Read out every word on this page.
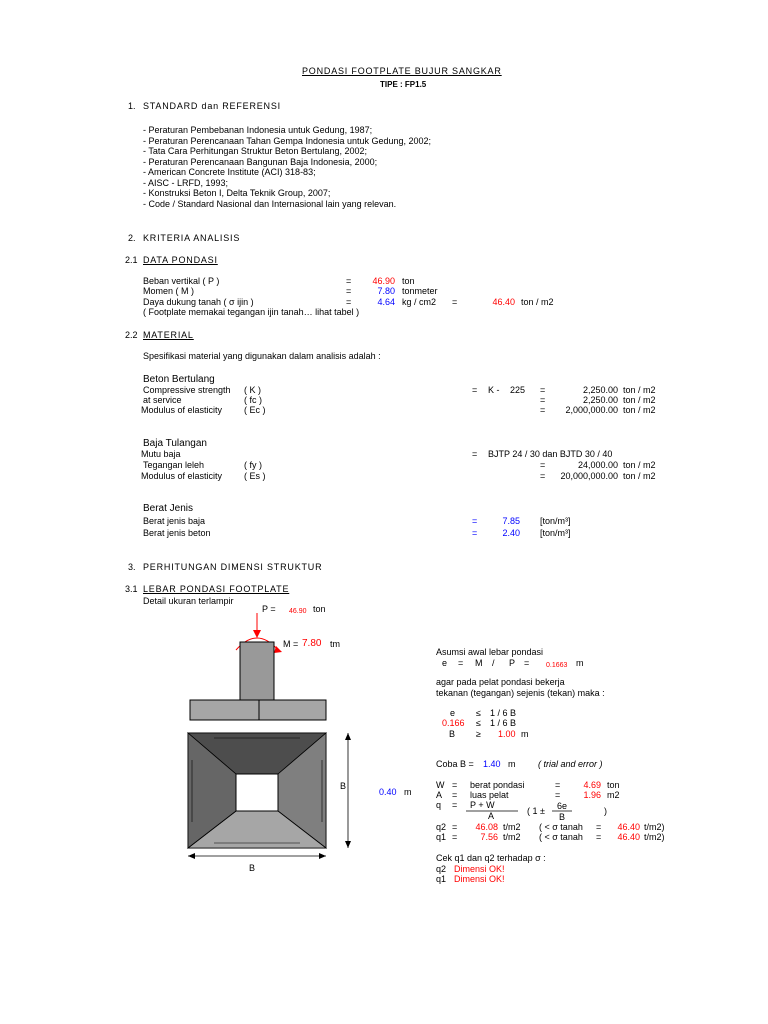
PONDASI FOOTPLATE BUJUR SANGKAR
TIPE : FP1.5
1. STANDARD dan REFERENSI
- Peraturan Pembebanan Indonesia untuk Gedung, 1987;
- Peraturan Perencanaan Tahan Gempa Indonesia untuk Gedung, 2002;
- Tata Cara Perhitungan Struktur Beton Bertulang, 2002;
- Peraturan Perencanaan Bangunan Baja Indonesia, 2000;
- American Concrete Institute (ACI) 318-83;
- AISC - LRFD, 1993;
- Konstruksi Beton I, Delta Teknik Group, 2007;
- Code / Standard Nasional dan Internasional lain yang relevan.
2. KRITERIA ANALISIS
2.1 DATA PONDASI
Beban vertikal ( P )	=	46.90 ton
Momen ( M )	=	7.80 tonmeter
Daya dukung tanah ( σ ijin )	=	4.64 kg / cm2 =	46.40 ton / m2
( Footplate memakai tegangan ijin tanah… lihat tabel )
2.2 MATERIAL
Spesifikasi material yang digunakan dalam analisis adalah :
Beton Bertulang
Compressive strength ( K )	= K - 225 =	2,250.00 ton / m2
at service	( fc )	=	2,250.00 ton / m2
Modulus of elasticity ( Ec )	=	2,000,000.00 ton / m2
Baja Tulangan
Mutu baja	= BJTP 24 / 30 dan BJTD 30 / 40
Tegangan leleh	( fy )	=	24,000.00 ton / m2
Modulus of elasticity ( Es )	=	20,000,000.00 ton / m2
Berat Jenis
Berat jenis baja	=	7.85 [ton/m³]
Berat jenis beton	=	2.40 [ton/m³]
3. PERHITUNGAN DIMENSI STRUKTUR
3.1 LEBAR PONDASI FOOTPLATE
Detail ukuran terlampir
P = 46.90 ton
M = 7.80 tm
B
0.40 m
B
Asumsi awal lebar pondasi
e = M / P = 0.1663 m
agar pada pelat pondasi bekerja
tekanan (tegangan) sejenis (tekan) maka :
e ≤ 1 / 6 B
0.166 ≤ 1 / 6 B
B ≥ 1.00 m
Coba B = 1.40 m	( trial and error )
W = berat pondasi	=	4.69 ton
A = luas pelat	=	1.96 m2
q = P + W
A	( 1 ± 6e
B
)
q2 =	46.08 t/m2 ( < σ tanah =	46.40 t/m2)
q1 =	7.56 t/m2 ( < σ tanah =	46.40 t/m2)
Cek q1 dan q2 terhadap σ :
q2 Dimensi OK!
q1 Dimensi OK!
